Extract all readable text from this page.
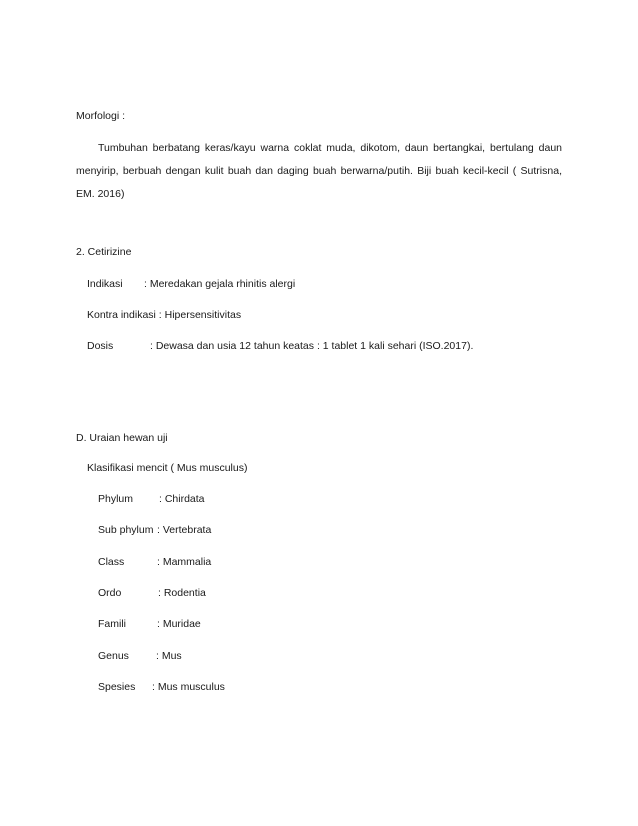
Morfologi :
Tumbuhan berbatang keras/kayu warna coklat muda, dikotom, daun bertangkai, bertulang daun menyirip, berbuah dengan kulit buah dan daging buah berwarna/putih. Biji buah kecil-kecil ( Sutrisna, EM. 2016)
2. Cetirizine
Indikasi : Meredakan gejala rhinitis alergi
Kontra indikasi : Hipersensitivitas
Dosis	: Dewasa dan usia 12 tahun keatas : 1 tablet 1 kali sehari (ISO.2017).
D. Uraian hewan uji
Klasifikasi mencit ( Mus musculus)
Phylum : Chirdata
Sub phylum : Vertebrata
Class	: Mammalia
Ordo	: Rodentia
Famili	: Muridae
Genus	: Mus
Spesies : Mus musculus
